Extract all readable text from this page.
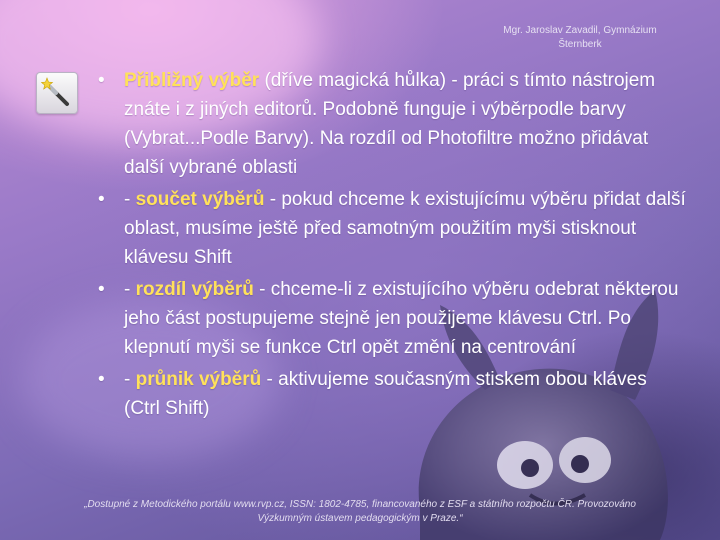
Mgr. Jaroslav Zavadil, Gymnázium
Šternberk
• Přibližný výběr (dříve magická hůlka) - práci s tímto nástrojem znáte i z jiných editorů. Podobně funguje i výběrpodle barvy (Vybrat...Podle Barvy). Na rozdíl od Photofiltre možno přidávat další vybrané oblasti
• - součet výběrů - pokud chceme k existujícímu výběru přidat další oblast, musíme ještě před samotným použitím myši stisknout klávesu Shift
• - rozdíl výběrů - chceme-li z existujícího výběru odebrat některou jeho část postupujeme stejně jen použijeme klávesu Ctrl. Po klepnutí myši se funkce Ctrl opět změní na centrování
• - průnik výběrů - aktivujeme současným stiskem obou kláves (Ctrl Shift)
„Dostupné z Metodického portálu www.rvp.cz, ISSN: 1802-4785, financovaného z ESF a státního rozpočtu ČR. Provozováno
Výzkumným ústavem pedagogickým v Praze.“
